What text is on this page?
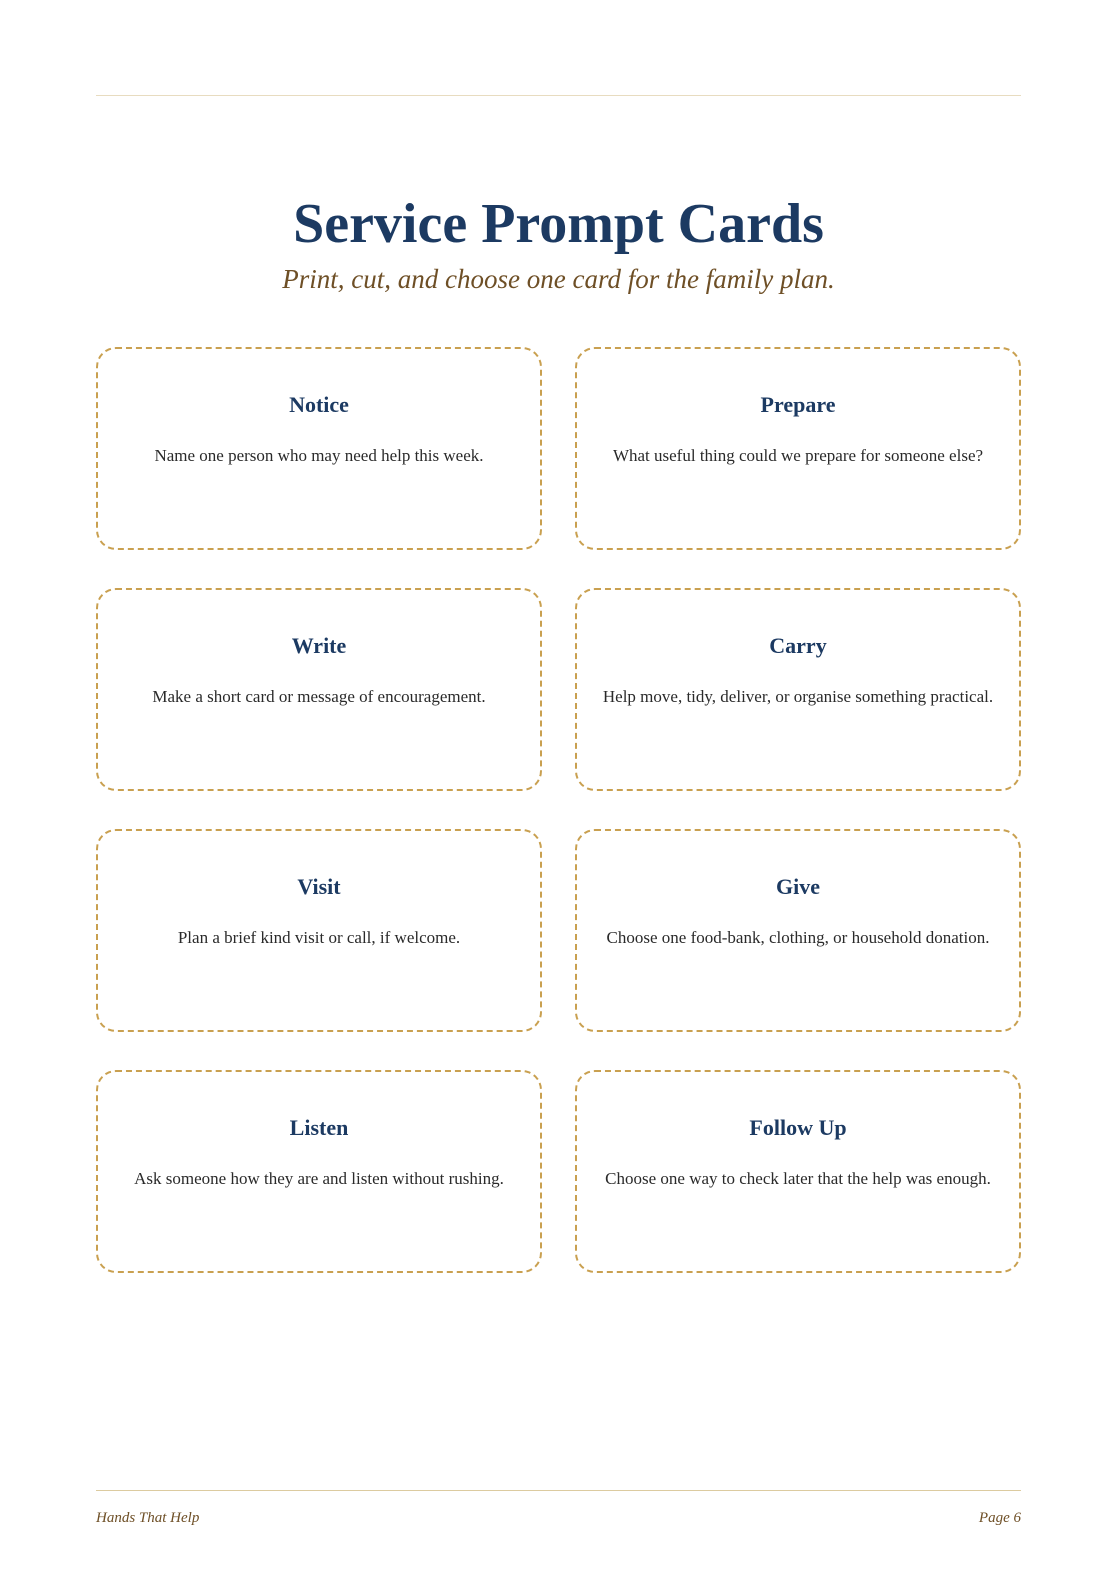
Service Prompt Cards
Print, cut, and choose one card for the family plan.
Notice
Name one person who may need help this week.
Prepare
What useful thing could we prepare for someone else?
Write
Make a short card or message of encouragement.
Carry
Help move, tidy, deliver, or organise something practical.
Visit
Plan a brief kind visit or call, if welcome.
Give
Choose one food-bank, clothing, or household donation.
Listen
Ask someone how they are and listen without rushing.
Follow Up
Choose one way to check later that the help was enough.
Hands That Help	Page 6
